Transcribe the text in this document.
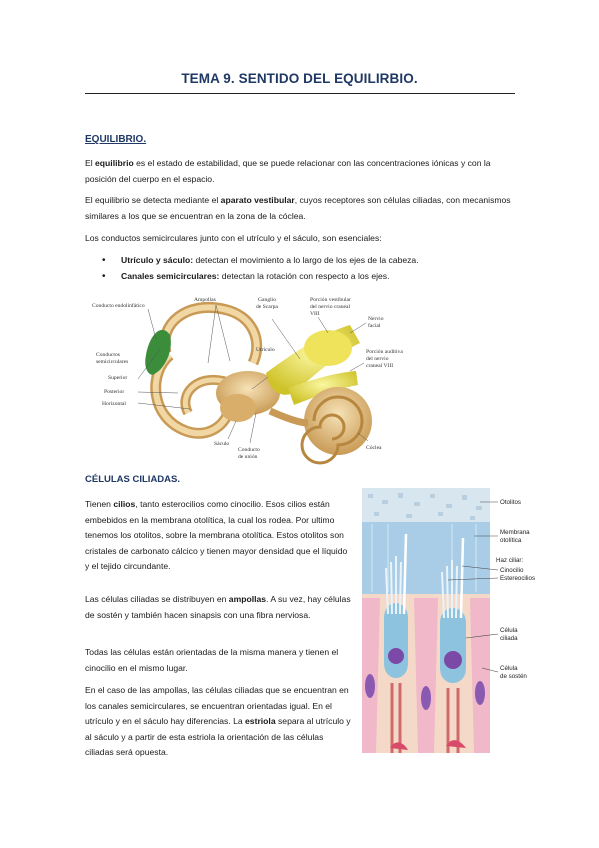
TEMA 9. SENTIDO DEL EQUILIRBIO.
EQUILIBRIO.

El equilibrio es el estado de estabilidad, que se puede relacionar con las concentraciones iónicas y con la posición del cuerpo en el espacio.

El equilibrio se detecta mediante el aparato vestibular, cuyos receptores son células ciliadas, con mecanismos similares a los que se encuentran en la zona de la cóclea.

Los conductos semicirculares junto con el utrículo y el sáculo, son esenciales:

• Utrículo y sáculo: detectan el movimiento a lo largo de los ejes de la cabeza.
• Canales semicirculares: detectan la rotación con respecto a los ejes.
Conducto endolinfático
Ampollas	Ganglio
de Scarpa
Porción vestibular
del nervio craneal
VIII
Nervio
facial
Conductos
semicirculares
Utrículo
Superior
Posterior
Horizontal
Porción auditiva
del nervio
craneal VIII
Sáculo
Conducto
de unión
Cóclea
CÉLULAS CILIADAS.

Tienen cilios, tanto esterocilios como cinocilio. Esos cilios están embebidos en la membrana otolítica, la cual los rodea. Por ultimo tenemos los otolitos, sobre la membrana otolítica. Estos otolitos son cristales de carbonato cálcico y tienen mayor densidad que el líquido y el tejido circundante.

Las células ciliadas se distribuyen en ampollas. A su vez, hay células de sostén y también hacen sinapsis con una fibra nerviosa.

Todas las células están orientadas de la misma manera y tienen el cinocilio en el mismo lugar.

En el caso de las ampollas, las células ciliadas que se encuentran en los canales semicirculares, se encuentran orientadas igual. En el utrículo y en el sáculo hay diferencias. La estriola separa al utrículo y al sáculo y a partir de esta estriola la orientación de las células ciliadas será opuesta.

Otolitos
Membrana
otolítica
Haz ciliar:
Cinocilio
Estereocilios
Célula
ciliada
Célula
de sostén
